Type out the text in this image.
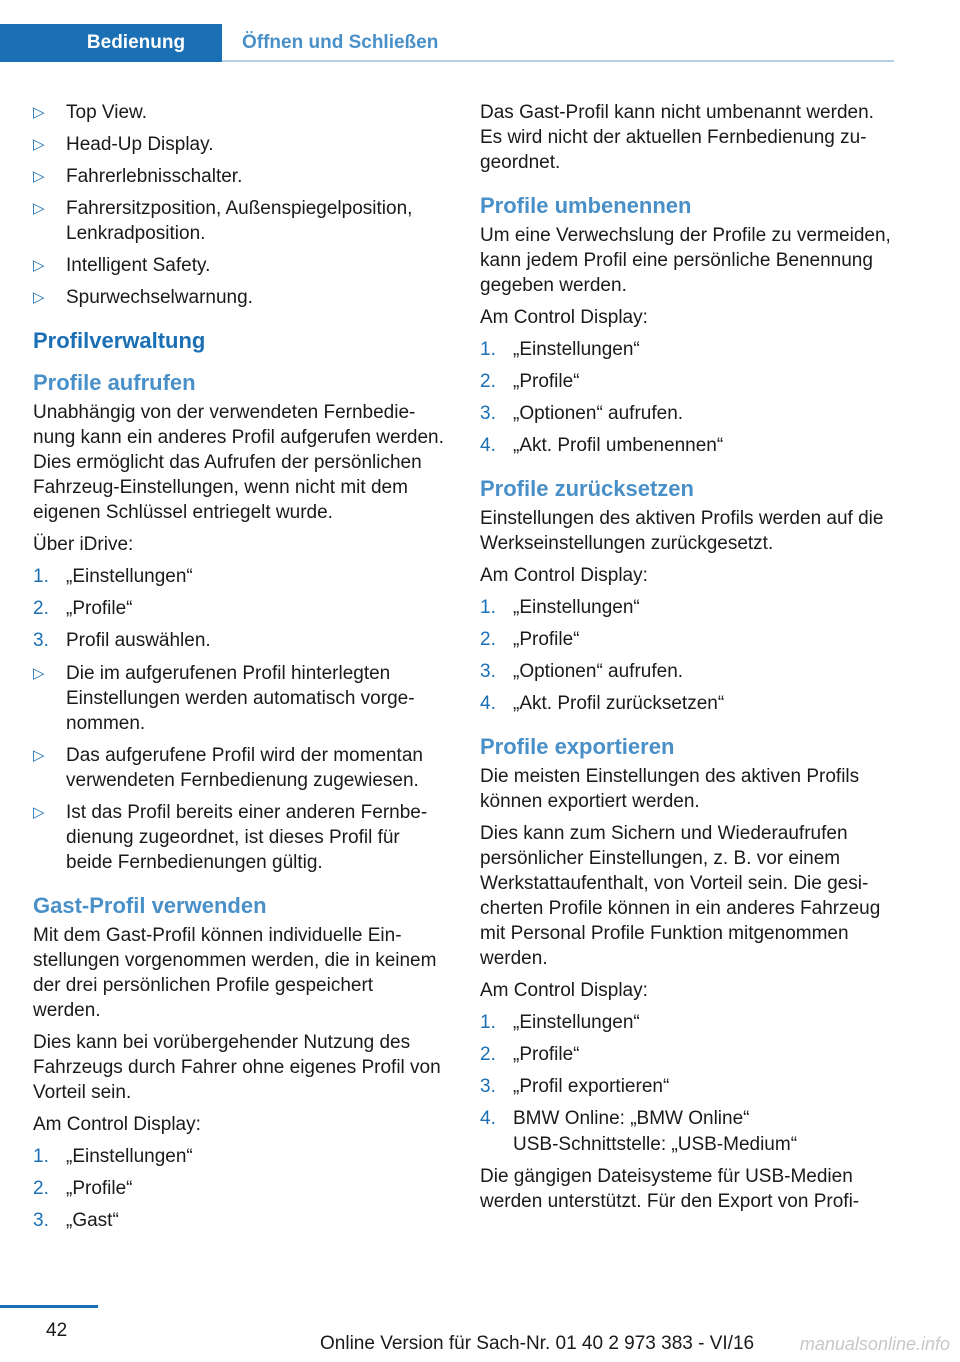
Bedienung	Öffnen und Schließen
▷ Top View.
▷ Head-Up Display.
▷ Fahrerlebnisschalter.
▷ Fahrersitzposition, Außenspiegelposition, Lenkradposition.
▷ Intelligent Safety.
▷ Spurwechselwarnung.
Profilverwaltung
Profile aufrufen

Unabhängig von der verwendeten Fernbedienung kann ein anderes Profil aufgerufen werden. Dies ermöglicht das Aufrufen der persönlichen Fahrzeug-Einstellungen, wenn nicht mit dem eigenen Schlüssel entriegelt wurde.

Über iDrive:

1. „Einstellungen“
2. „Profile“
3. Profil auswählen.
▷ Die im aufgerufenen Profil hinterlegten Einstellungen werden automatisch vorgenommen.
▷ Das aufgerufene Profil wird der momentan verwendeten Fernbedienung zugewiesen.
▷ Ist das Profil bereits einer anderen Fernbedienung zugeordnet, ist dieses Profil für beide Fernbedienungen gültig.
Gast-Profil verwenden

Mit dem Gast-Profil können individuelle Einstellungen vorgenommen werden, die in keinem der drei persönlichen Profile gespeichert werden.

Dies kann bei vorübergehender Nutzung des Fahrzeugs durch Fahrer ohne eigenes Profil von Vorteil sein.

Am Control Display:

1. „Einstellungen“
2. „Profile“
3. „Gast“

Das Gast-Profil kann nicht umbenannt werden. Es wird nicht der aktuellen Fernbedienung zugeordnet.

Profile umbenennen

Um eine Verwechslung der Profile zu vermeiden, kann jedem Profil eine persönliche Benennung gegeben werden.

Am Control Display:

1. „Einstellungen“
2. „Profile“
3. „Optionen“ aufrufen.
4. „Akt. Profil umbenennen“
Profile zurücksetzen

Einstellungen des aktiven Profils werden auf die Werkseinstellungen zurückgesetzt.

Am Control Display:

1. „Einstellungen“
2. „Profile“
3. „Optionen“ aufrufen.
4. „Akt. Profil zurücksetzen“
Profile exportieren

Die meisten Einstellungen des aktiven Profils können exportiert werden.

Dies kann zum Sichern und Wiederaufrufen persönlicher Einstellungen, z. B. vor einem Werkstattaufenthalt, von Vorteil sein. Die gesicherten Profile können in ein anderes Fahrzeug mit Personal Profile Funktion mitgenommen werden.

Am Control Display:

1. „Einstellungen“
2. „Profile“
3. „Profil exportieren“
4. BMW Online: „BMW Online“

USB-Schnittstelle: „USB-Medium“

Die gängigen Dateisysteme für USB-Medien werden unterstützt. Für den Export von Profi-

42
Online Version für Sach-Nr. 01 40 2 973 383 - VI/16	manualsonline.info
